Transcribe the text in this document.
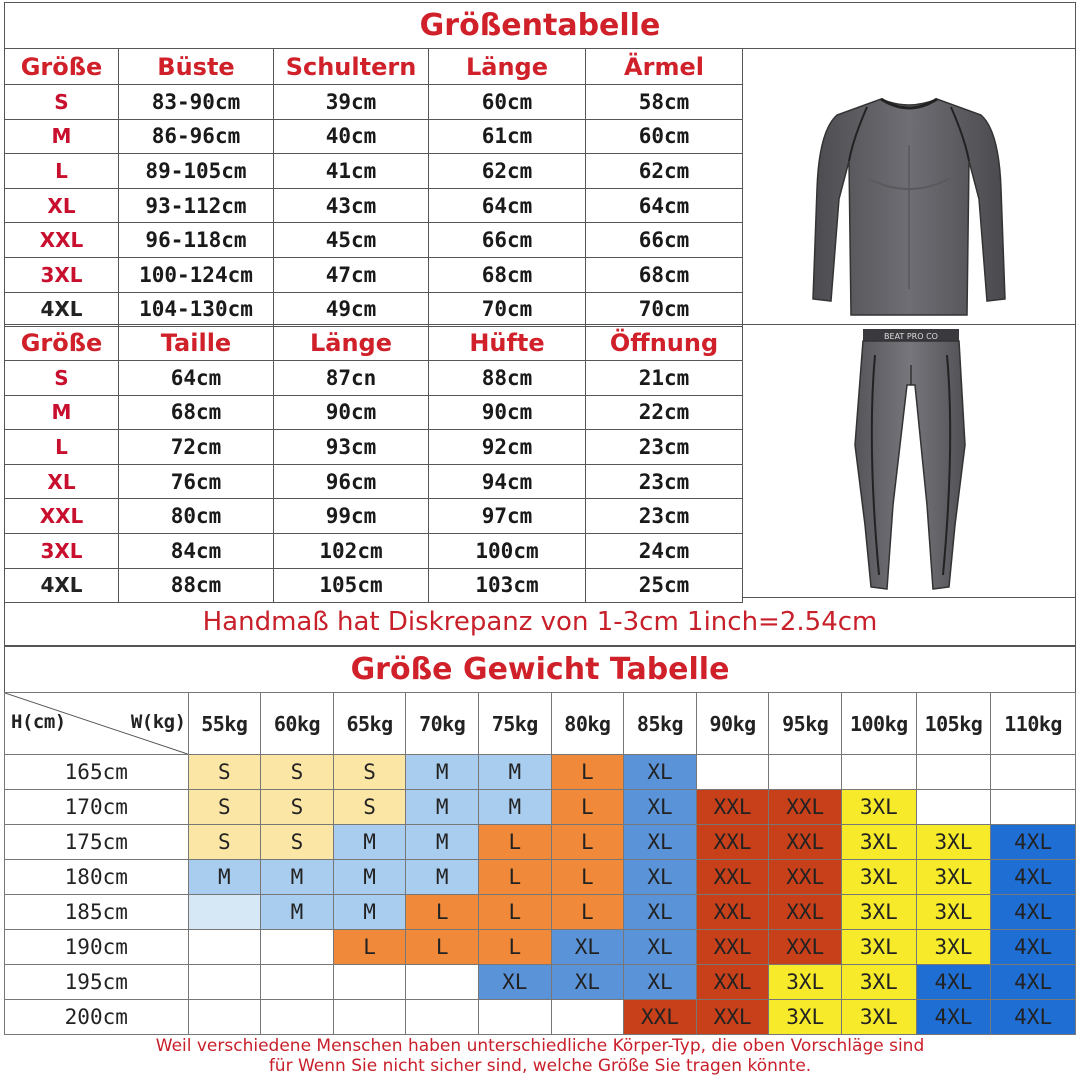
Größentabelle
Größe	Büste	Schultern	Länge	Ärmel
S	83-90cm	39cm	60cm	58cm
M	86-96cm	40cm	61cm	60cm
L	89-105cm	41cm	62cm	62cm
XL	93-112cm	43cm	64cm	64cm
XXL	96-118cm	45cm	66cm	66cm
3XL	100-124cm	47cm	68cm	68cm
4XL	104-130cm	49cm	70cm	70cm
Größe	Taille	Länge	Hüfte	Öffnung
S	64cm	87cn	88cm	21cm
M	68cm	90cm	90cm	22cm
L	72cm	93cm	92cm	23cm
XL	76cm	96cm	94cm	23cm
XXL	80cm	99cm	97cm	23cm
3XL	84cm	102cm	100cm	24cm
4XL	88cm	105cm	103cm	25cm
BEAT PRO CO
Handmaß hat Diskrepanz von 1-3cm 1inch=2.54cm
Größe Gewicht Tabelle
H(cm) W(kg)	55kg	60kg	65kg	70kg	75kg	80kg	85kg	90kg	95kg	100kg	105kg	110kg
165cm	S	S	S	M	M	L	XL					
170cm	S	S	S	M	M	L	XL	XXL	XXL	3XL		
175cm	S	S	M	M	L	L	XL	XXL	XXL	3XL	3XL	4XL
180cm	M	M	M	M	L	L	XL	XXL	XXL	3XL	3XL	4XL
185cm		M	M	L	L	L	XL	XXL	XXL	3XL	3XL	4XL
190cm			L	L	L	XL	XL	XXL	XXL	3XL	3XL	4XL
195cm					XL	XL	XL	XXL	3XL	3XL	4XL	4XL
200cm							XXL	XXL	3XL	3XL	4XL	4XL
Weil verschiedene Menschen haben unterschiedliche Körper-Typ, die oben Vorschläge sind
für Wenn Sie nicht sicher sind, welche Größe Sie tragen könnte.
